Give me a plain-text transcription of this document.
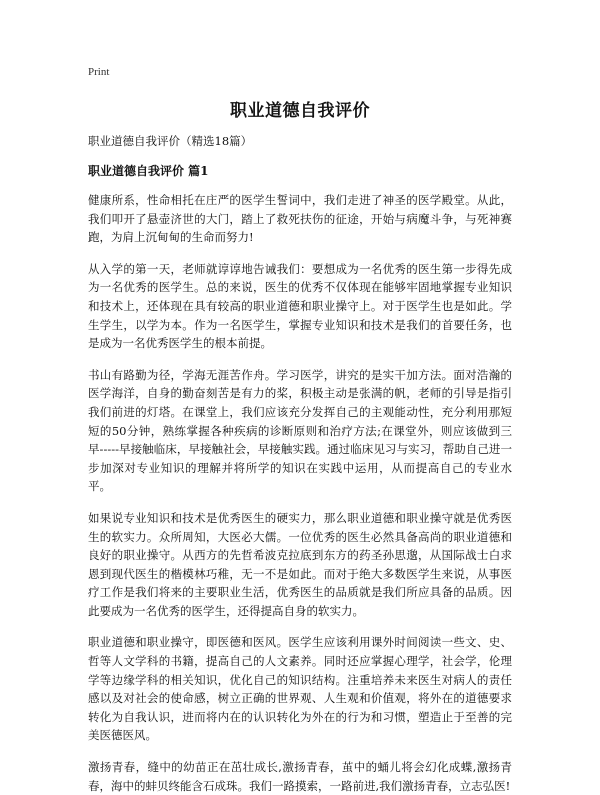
Print
职业道德自我评价
职业道德自我评价（精选18篇）
职业道德自我评价 篇1

健康所系，性命相托在庄严的医学生誓词中，我们走进了神圣的医学殿堂。从此，我们叩开了悬壶济世的大门，踏上了救死扶伤的征途，开始与病魔斗争，与死神赛跑，为肩上沉甸甸的生命而努力!

从入学的第一天，老师就谆谆地告诫我们：要想成为一名优秀的医生第一步得先成为一名优秀的医学生。总的来说，医生的优秀不仅体现在能够牢固地掌握专业知识和技术上，还体现在具有较高的职业道德和职业操守上。对于医学生也是如此。学生学生，以学为本。作为一名医学生，掌握专业知识和技术是我们的首要任务，也是成为一名优秀医学生的根本前提。

书山有路勤为径，学海无涯苦作舟。学习医学，讲究的是实干加方法。面对浩瀚的医学海洋，自身的勤奋刻苦是有力的桨，积极主动是张满的帆，老师的引导是指引我们前进的灯塔。在课堂上，我们应该充分发挥自己的主观能动性，充分利用那短短的50分钟，熟练掌握各种疾病的诊断原则和治疗方法;在课堂外，则应该做到三早-----早接触临床，早接触社会，早接触实践。通过临床见习与实习，帮助自己进一步加深对专业知识的理解并将所学的知识在实践中运用，从而提高自己的专业水平。

如果说专业知识和技术是优秀医生的硬实力，那么职业道德和职业操守就是优秀医生的软实力。众所周知，大医必大儒。一位优秀的医生必然具备高尚的职业道德和良好的职业操守。从西方的先哲希波克拉底到东方的药圣孙思邈，从国际战士白求恩到现代医生的楷模林巧稚，无一不是如此。而对于绝大多数医学生来说，从事医疗工作是我们将来的主要职业生活，优秀医生的品质就是我们所应具备的品质。因此要成为一名优秀的医学生，还得提高自身的软实力。

职业道德和职业操守，即医德和医风。医学生应该利用课外时间阅读一些文、史、哲等人文学科的书籍，提高自己的人文素养。同时还应掌握心理学，社会学，伦理学等边缘学科的相关知识，优化自己的知识结构。注重培养未来医生对病人的责任感以及对社会的使命感，树立正确的世界观、人生观和价值观，将外在的道德要求转化为自我认识，进而将内在的认识转化为外在的行为和习惯，塑造止于至善的完美医德医风。

激扬青春，缝中的幼苗正在茁壮成长,激扬青春，茧中的蛹儿将会幻化成蝶,激扬青春，海中的蚌贝终能含石成珠。我们一路摸索，一路前进,我们激扬青春，立志弘医!
